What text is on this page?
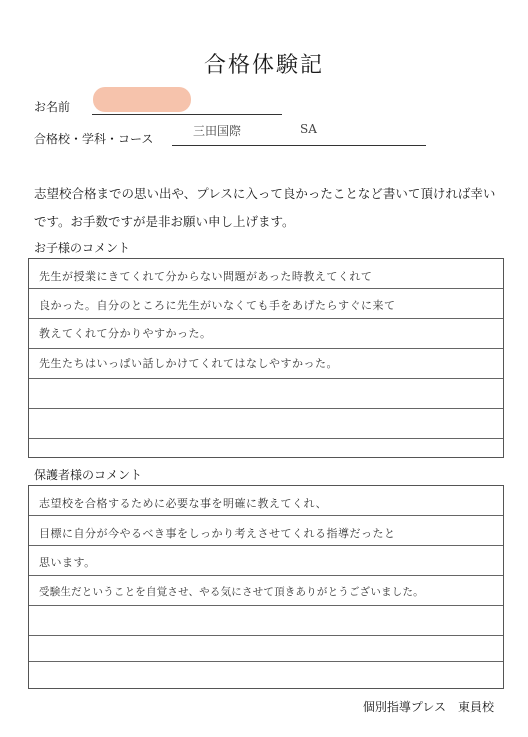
合格体験記
お名前
合格校・学科・コース
三田国際	SA
志望校合格までの思い出や、プレスに入って良かったことなど書いて頂ければ幸い
です。お手数ですが是非お願い申し上げます。
お子様のコメント
先生が授業にきてくれて分からない問題があった時教えてくれて
良かった。自分のところに先生がいなくても手をあげたらすぐに来て
教えてくれて分かりやすかった。
先生たちはいっぱい話しかけてくれてはなしやすかった。
保護者様のコメント
志望校を合格するために必要な事を明確に教えてくれ、
目標に自分が今やるべき事をしっかり考えさせてくれる指導だったと
思います。
受験生だということを自覚させ、やる気にさせて頂きありがとうございました。
個別指導プレス　東員校
